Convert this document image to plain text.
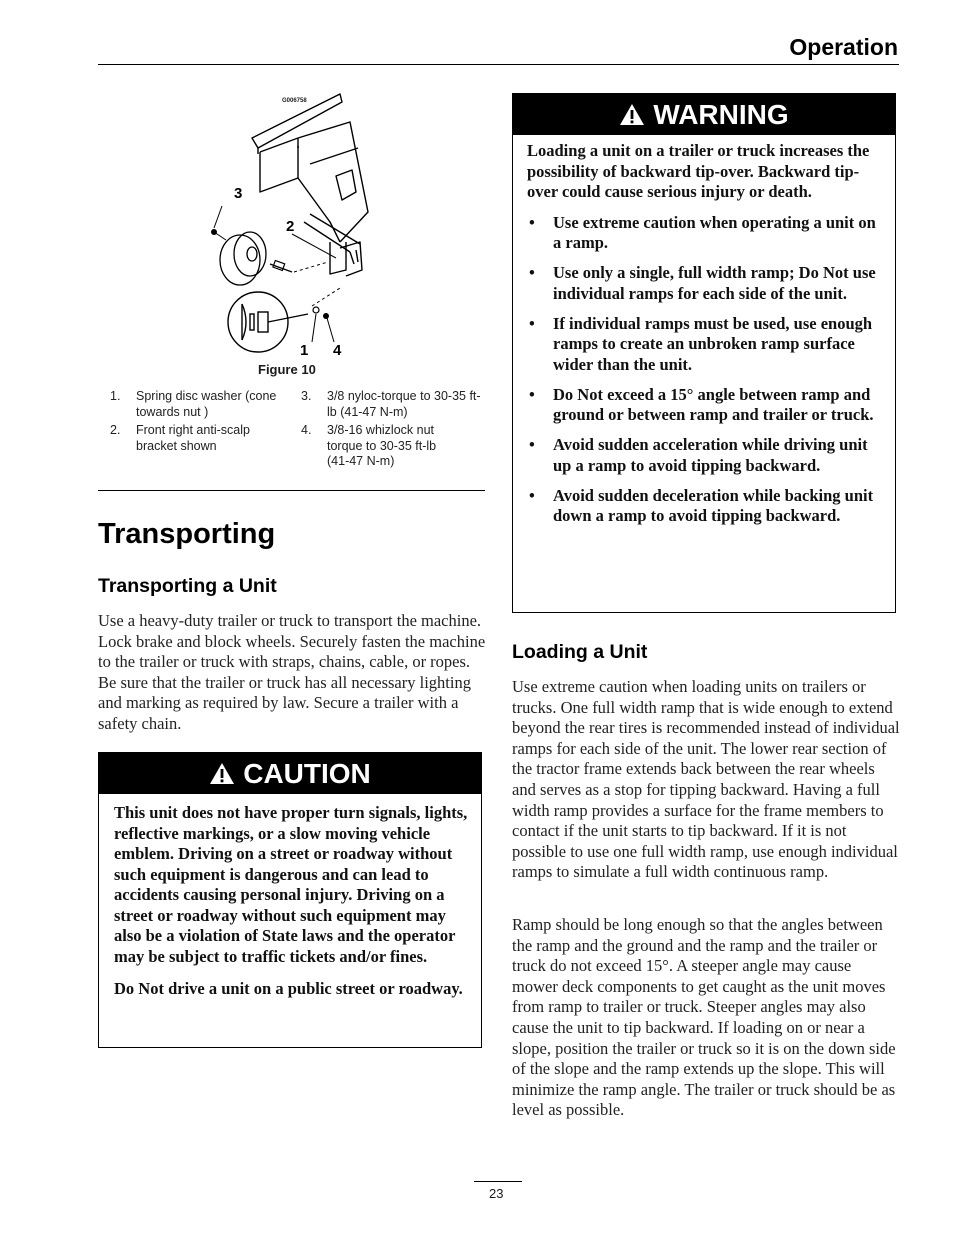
Operation
G006758
3
2
1 4
Figure 10
1. Spring disc washer (cone towards nut )
2. Front right anti-scalp bracket shown
3. 3/8 nyloc-torque to 30-35 ft-lb (41-47 N-m)
4. 3/8-16 whizlock nut torque to 30-35 ft-lb (41-47 N-m)
Transporting
Transporting a Unit

Use a heavy-duty trailer or truck to transport the machine. Lock brake and block wheels. Securely fasten the machine to the trailer or truck with straps, chains, cable, or ropes. Be sure that the trailer or truck has all necessary lighting and marking as required by law. Secure a trailer with a safety chain.

CAUTION

This unit does not have proper turn signals, lights, reflective markings, or a slow moving vehicle emblem. Driving on a street or roadway without such equipment is dangerous and can lead to accidents causing personal injury. Driving on a street or roadway without such equipment may also be a violation of State laws and the operator may be subject to traffic tickets and/or fines.

Do Not drive a unit on a public street or roadway.

WARNING

Loading a unit on a trailer or truck increases the possibility of backward tip-over. Backward tip-over could cause serious injury or death.

• Use extreme caution when operating a unit on a ramp.
• Use only a single, full width ramp; Do Not use individual ramps for each side of the unit.
• If individual ramps must be used, use enough ramps to create an unbroken ramp surface wider than the unit.
• Do Not exceed a 15° angle between ramp and ground or between ramp and trailer or truck.
• Avoid sudden acceleration while driving unit up a ramp to avoid tipping backward.
• Avoid sudden deceleration while backing unit down a ramp to avoid tipping backward.
Loading a Unit

Use extreme caution when loading units on trailers or trucks. One full width ramp that is wide enough to extend beyond the rear tires is recommended instead of individual ramps for each side of the unit. The lower rear section of the tractor frame extends back between the rear wheels and serves as a stop for tipping backward. Having a full width ramp provides a surface for the frame members to contact if the unit starts to tip backward. If it is not possible to use one full width ramp, use enough individual ramps to simulate a full width continuous ramp.

Ramp should be long enough so that the angles between the ramp and the ground and the ramp and the trailer or truck do not exceed 15°. A steeper angle may cause mower deck components to get caught as the unit moves from ramp to trailer or truck. Steeper angles may also cause the unit to tip backward. If loading on or near a slope, position the trailer or truck so it is on the down side of the slope and the ramp extends up the slope. This will minimize the ramp angle. The trailer or truck should be as level as possible.

23
